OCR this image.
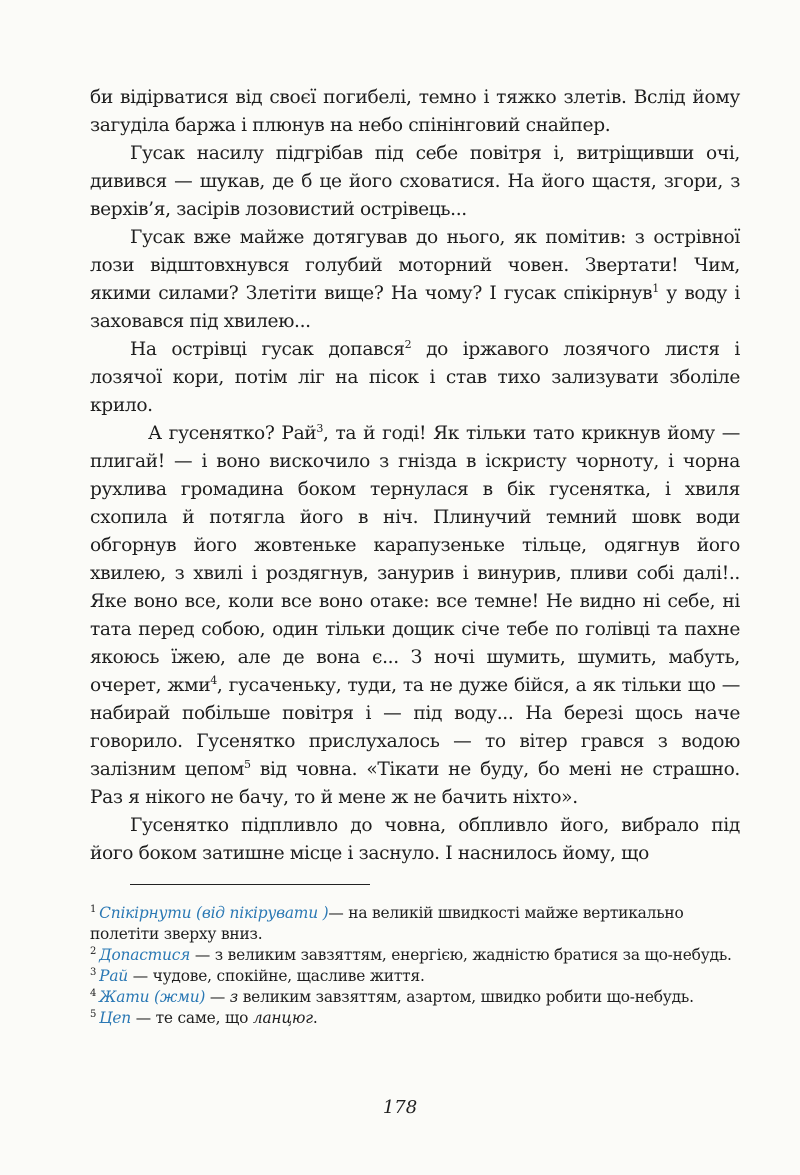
би відірватися від своєї погибелі, темно і тяжко злетів. Вслід йому загуділа баржа і плюнув на небо спінінговий снайпер.

Гусак насилу підгрібав під себе повітря і, витріщивши очі, дивився — шукав, де б це його сховатися. На його щастя, згори, з верхів’я, засірів лозовистий острівець...

Гусак вже майже дотягував до нього, як помітив: з острівної лози відштовхнувся голубий моторний човен. Звертати! Чим, якими силами? Злетіти вище? На чому? І гусак спікірнув$^1$ у воду і заховався під хвилею...

На острівці гусак допався$^2$ до іржавого лозячого листя і лозячої кори, потім ліг на пісок і став тихо зализувати зболіле крило.

А гусенятко? Рай$^3$, та й годі! Як тільки тато крикнув йому — плигай! — і воно вискочило з гнізда в іскристу чорноту, і чорна рухлива громадина боком тернулася в бік гусенятка, і хвиля схопила й потягла його в ніч. Плинучий темний шовк води обгорнув його жовтеньке карапузеньке тільце, одягнув його хвилею, з хвилі і роздягнув, занурив і винурив, пливи собі далі!.. Яке воно все, коли все воно отаке: все темне! Не видно ні себе, ні тата перед собою, один тільки дощик січе тебе по голівці та пахне якоюсь їжею, але де вона є... З ночі шумить, шумить, мабуть, очерет, жми$^4$, гусаченьку, туди, та не дуже бійся, а як тільки що — набирай побільше повітря і — під воду... На березі щось наче говорило. Гусенятко прислухалось — то вітер грався з водою залізним цепом$^5$ від човна. «Тікати не буду, бо мені не страшно. Раз я нікого не бачу, то й мене ж не бачить ніхто».

Гусенятко підпливло до човна, обпливло його, вибрало під його боком затишне місце і заснуло. І наснилось йому, що

$^1$ Спікірнути (від пікірувати )— на великій швидкості майже вертикально полетіти зверху вниз.

$^2$ Допастися — з великим завзяттям, енергією, жадністю братися за що-небудь.

$^3$ Рай — чудове, спокійне, щасливе життя.

$^4$ Жати (жми) — з великим завзяттям, азартом, швидко робити що-небудь.

$^5$ Цеп — те саме, що ланцюг.

178
